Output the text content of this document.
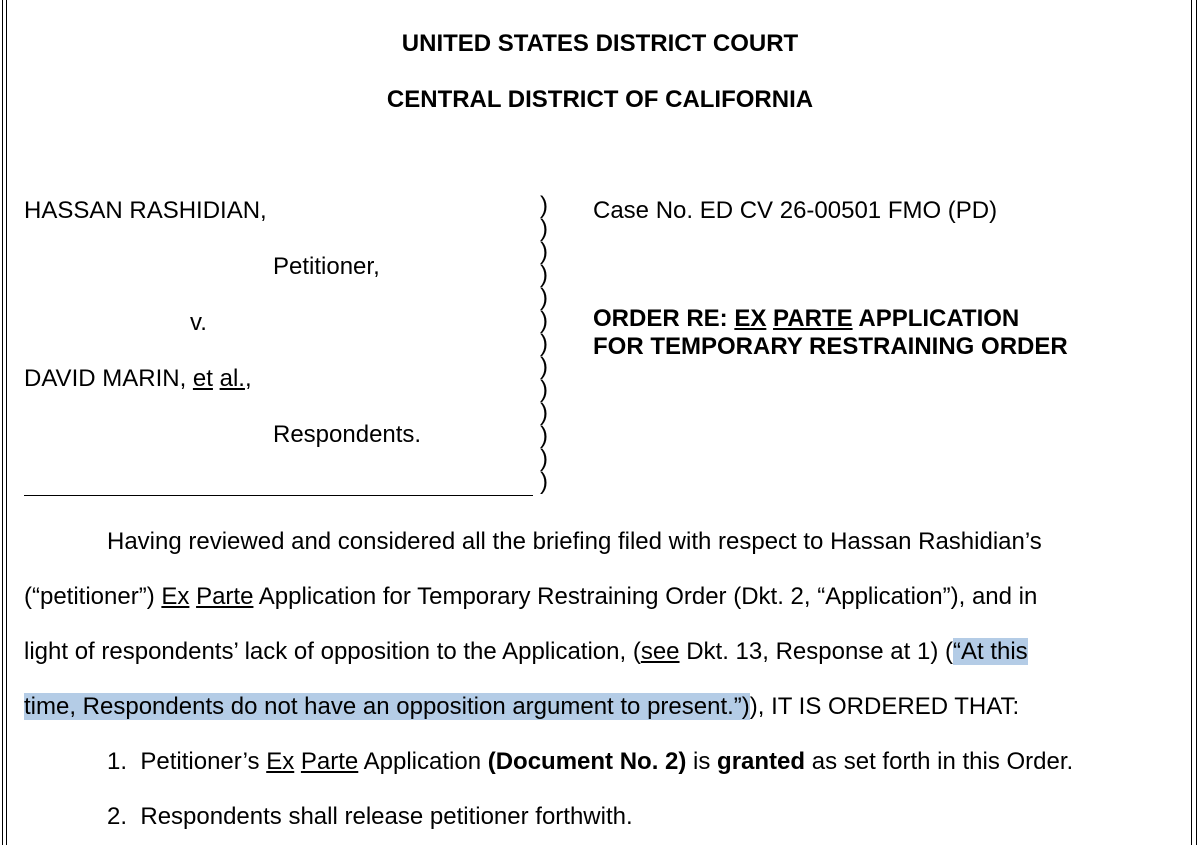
UNITED STATES DISTRICT COURT
CENTRAL DISTRICT OF CALIFORNIA
HASSAN RASHIDIAN,
Petitioner,
v.
DAVID MARIN, et al.,
Respondents.
)
)
)
)
)
)
)
)
)
)
)
)
)
Case No. ED CV 26-00501 FMO (PD)
ORDER RE: EX PARTE APPLICATION
FOR TEMPORARY RESTRAINING ORDER
Having reviewed and considered all the briefing filed with respect to Hassan Rashidian’s
(“petitioner”) Ex Parte Application for Temporary Restraining Order (Dkt. 2, “Application”), and in
light of respondents’ lack of opposition to the Application, (see Dkt. 13, Response at 1) (“At this
time, Respondents do not have an opposition argument to present.”)), IT IS ORDERED THAT:
1. Petitioner’s Ex Parte Application (Document No. 2) is granted as set forth in this Order.
2. Respondents shall release petitioner forthwith.
